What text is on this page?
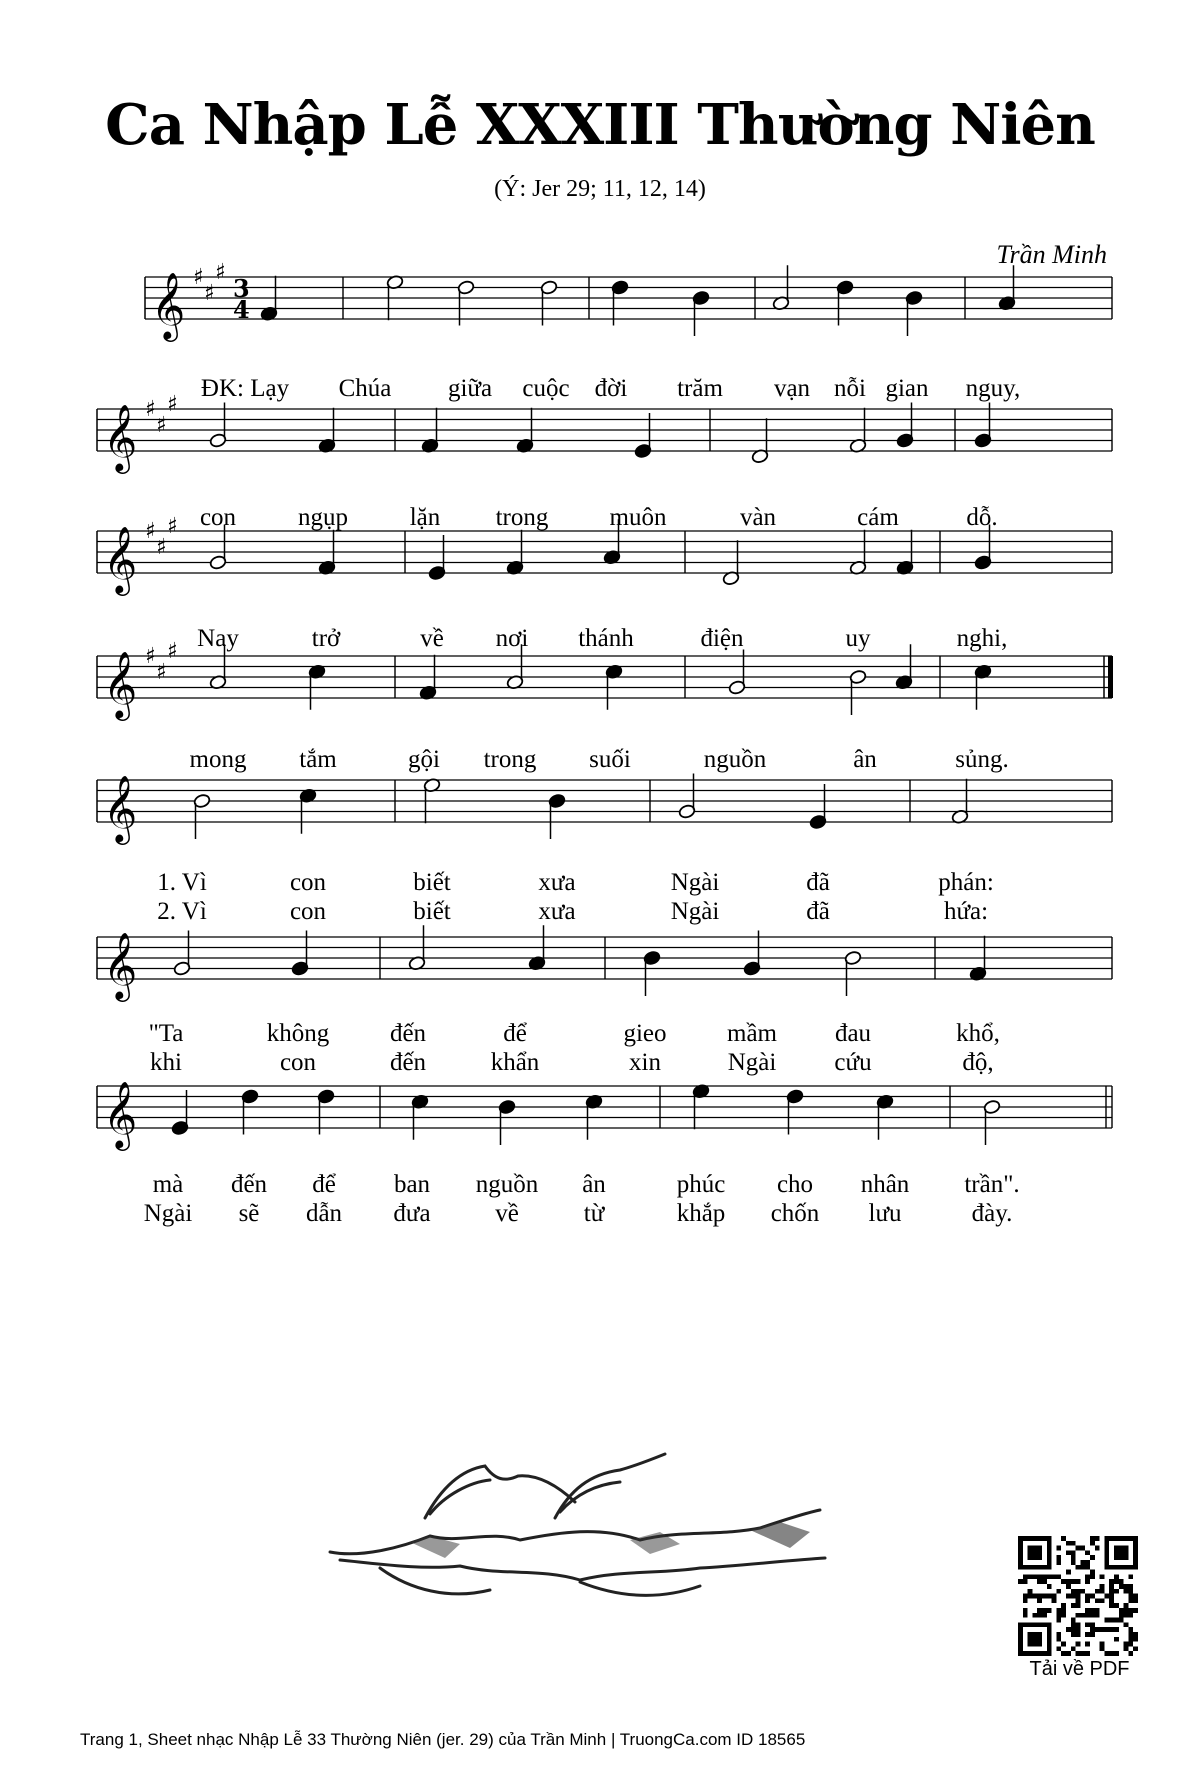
Ca Nhập Lễ XXXIII Thường Niên
(Ý: Jer 29; 11, 12, 14)
Trần Minh
𝄞 ♯
♯
♯
3
4
ĐK: Lạy Chúa giữa cuộc đời trăm vạn nỗi gian nguy,
𝄞 ♯
♯
♯
con ngụp lặn trong muôn	vàn	cám	dỗ.
𝄞 ♯
♯
♯
Nay	trở	về nơi thánh	điện	uy	nghi,
𝄞 ♯
♯
♯
mong tắm	gội trong suối	nguồn	ân	sủng.
𝄞
1. Vì	con	biết	xưa	Ngài	đã	phán:
2. Vì	con	biết	xưa	Ngài	đã	hứa:
𝄞
"Ta	không đến	để	gieo mầm đau	khổ,
khi	con	đến	khẩn	xin	Ngài cứu	độ,
𝄞
mà đến để ban nguồn ân	phúc cho nhân trần".
Ngài sẽ dẫn đưa	về	từ	khắp chốn lưu	đày.
Tải về PDF
Trang 1, Sheet nhạc Nhập Lễ 33 Thường Niên (jer. 29) của Trần Minh | TruongCa.com ID 18565
